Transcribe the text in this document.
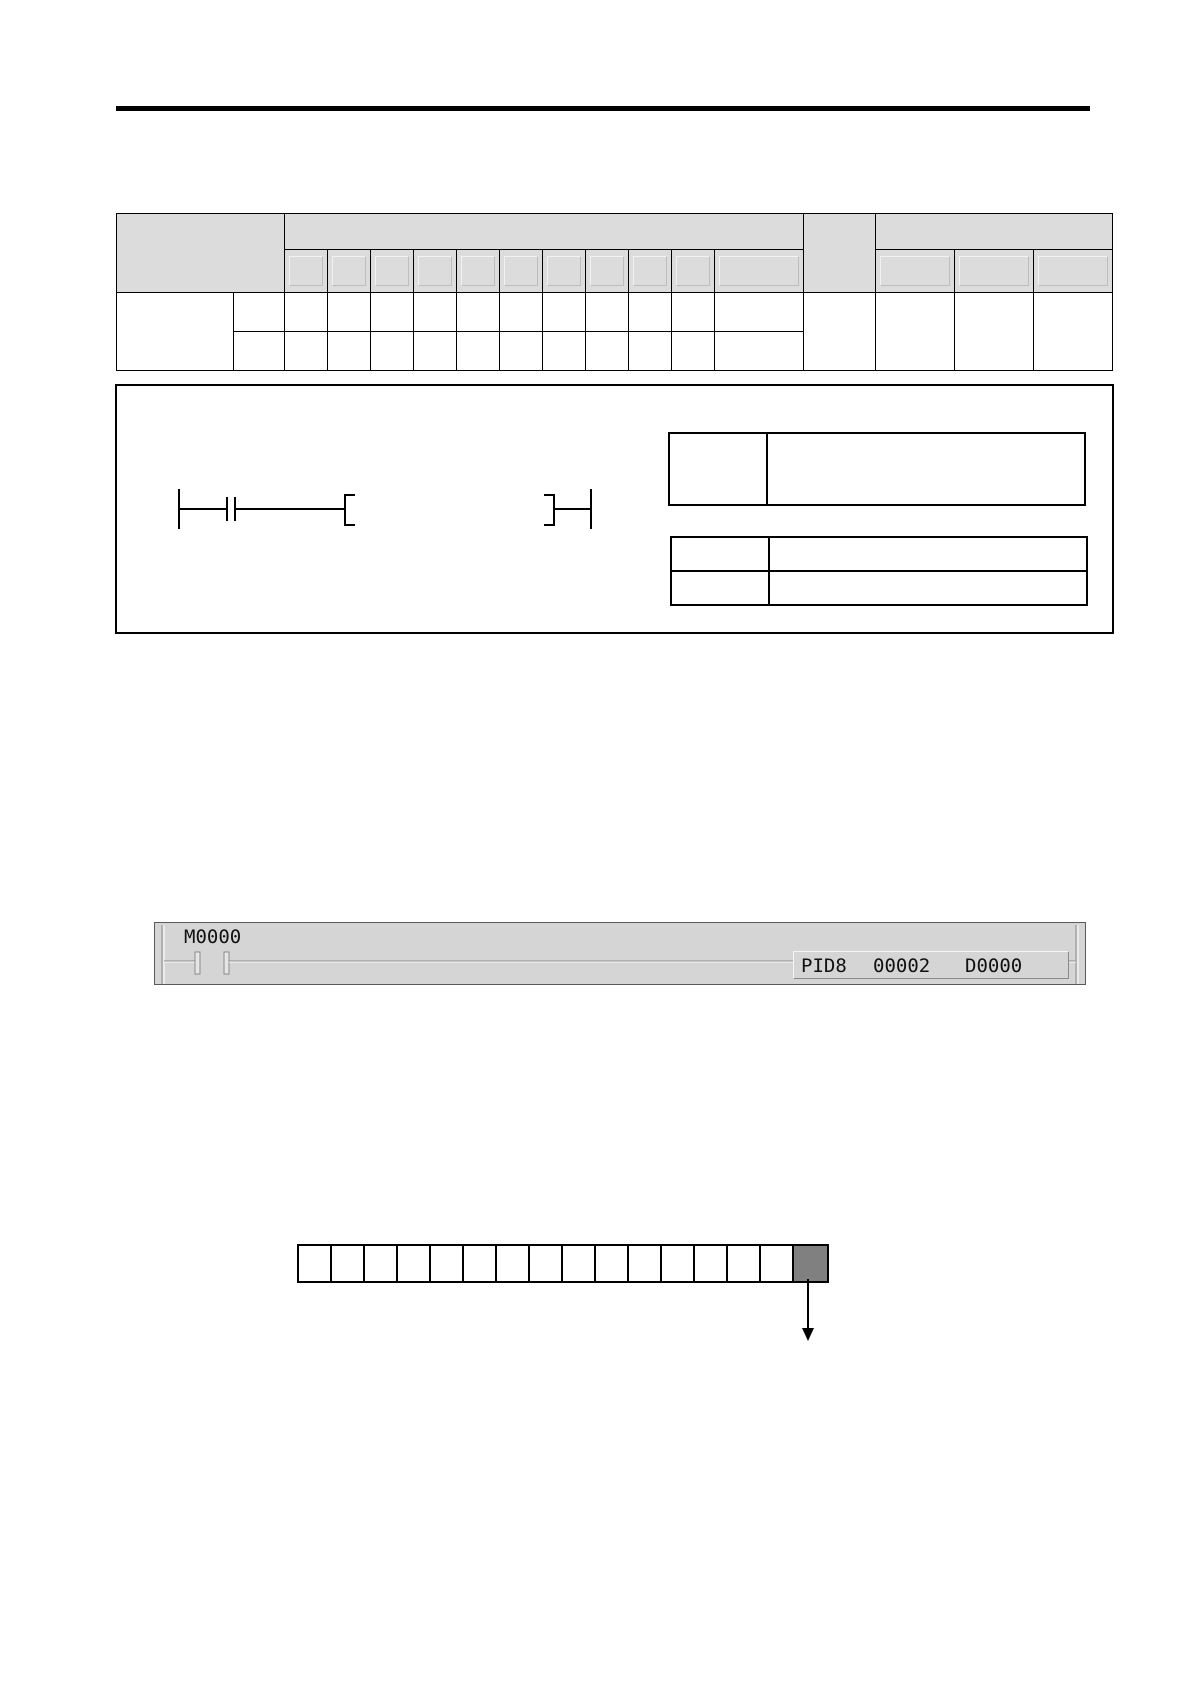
M0000
PID8 00002 D0000
